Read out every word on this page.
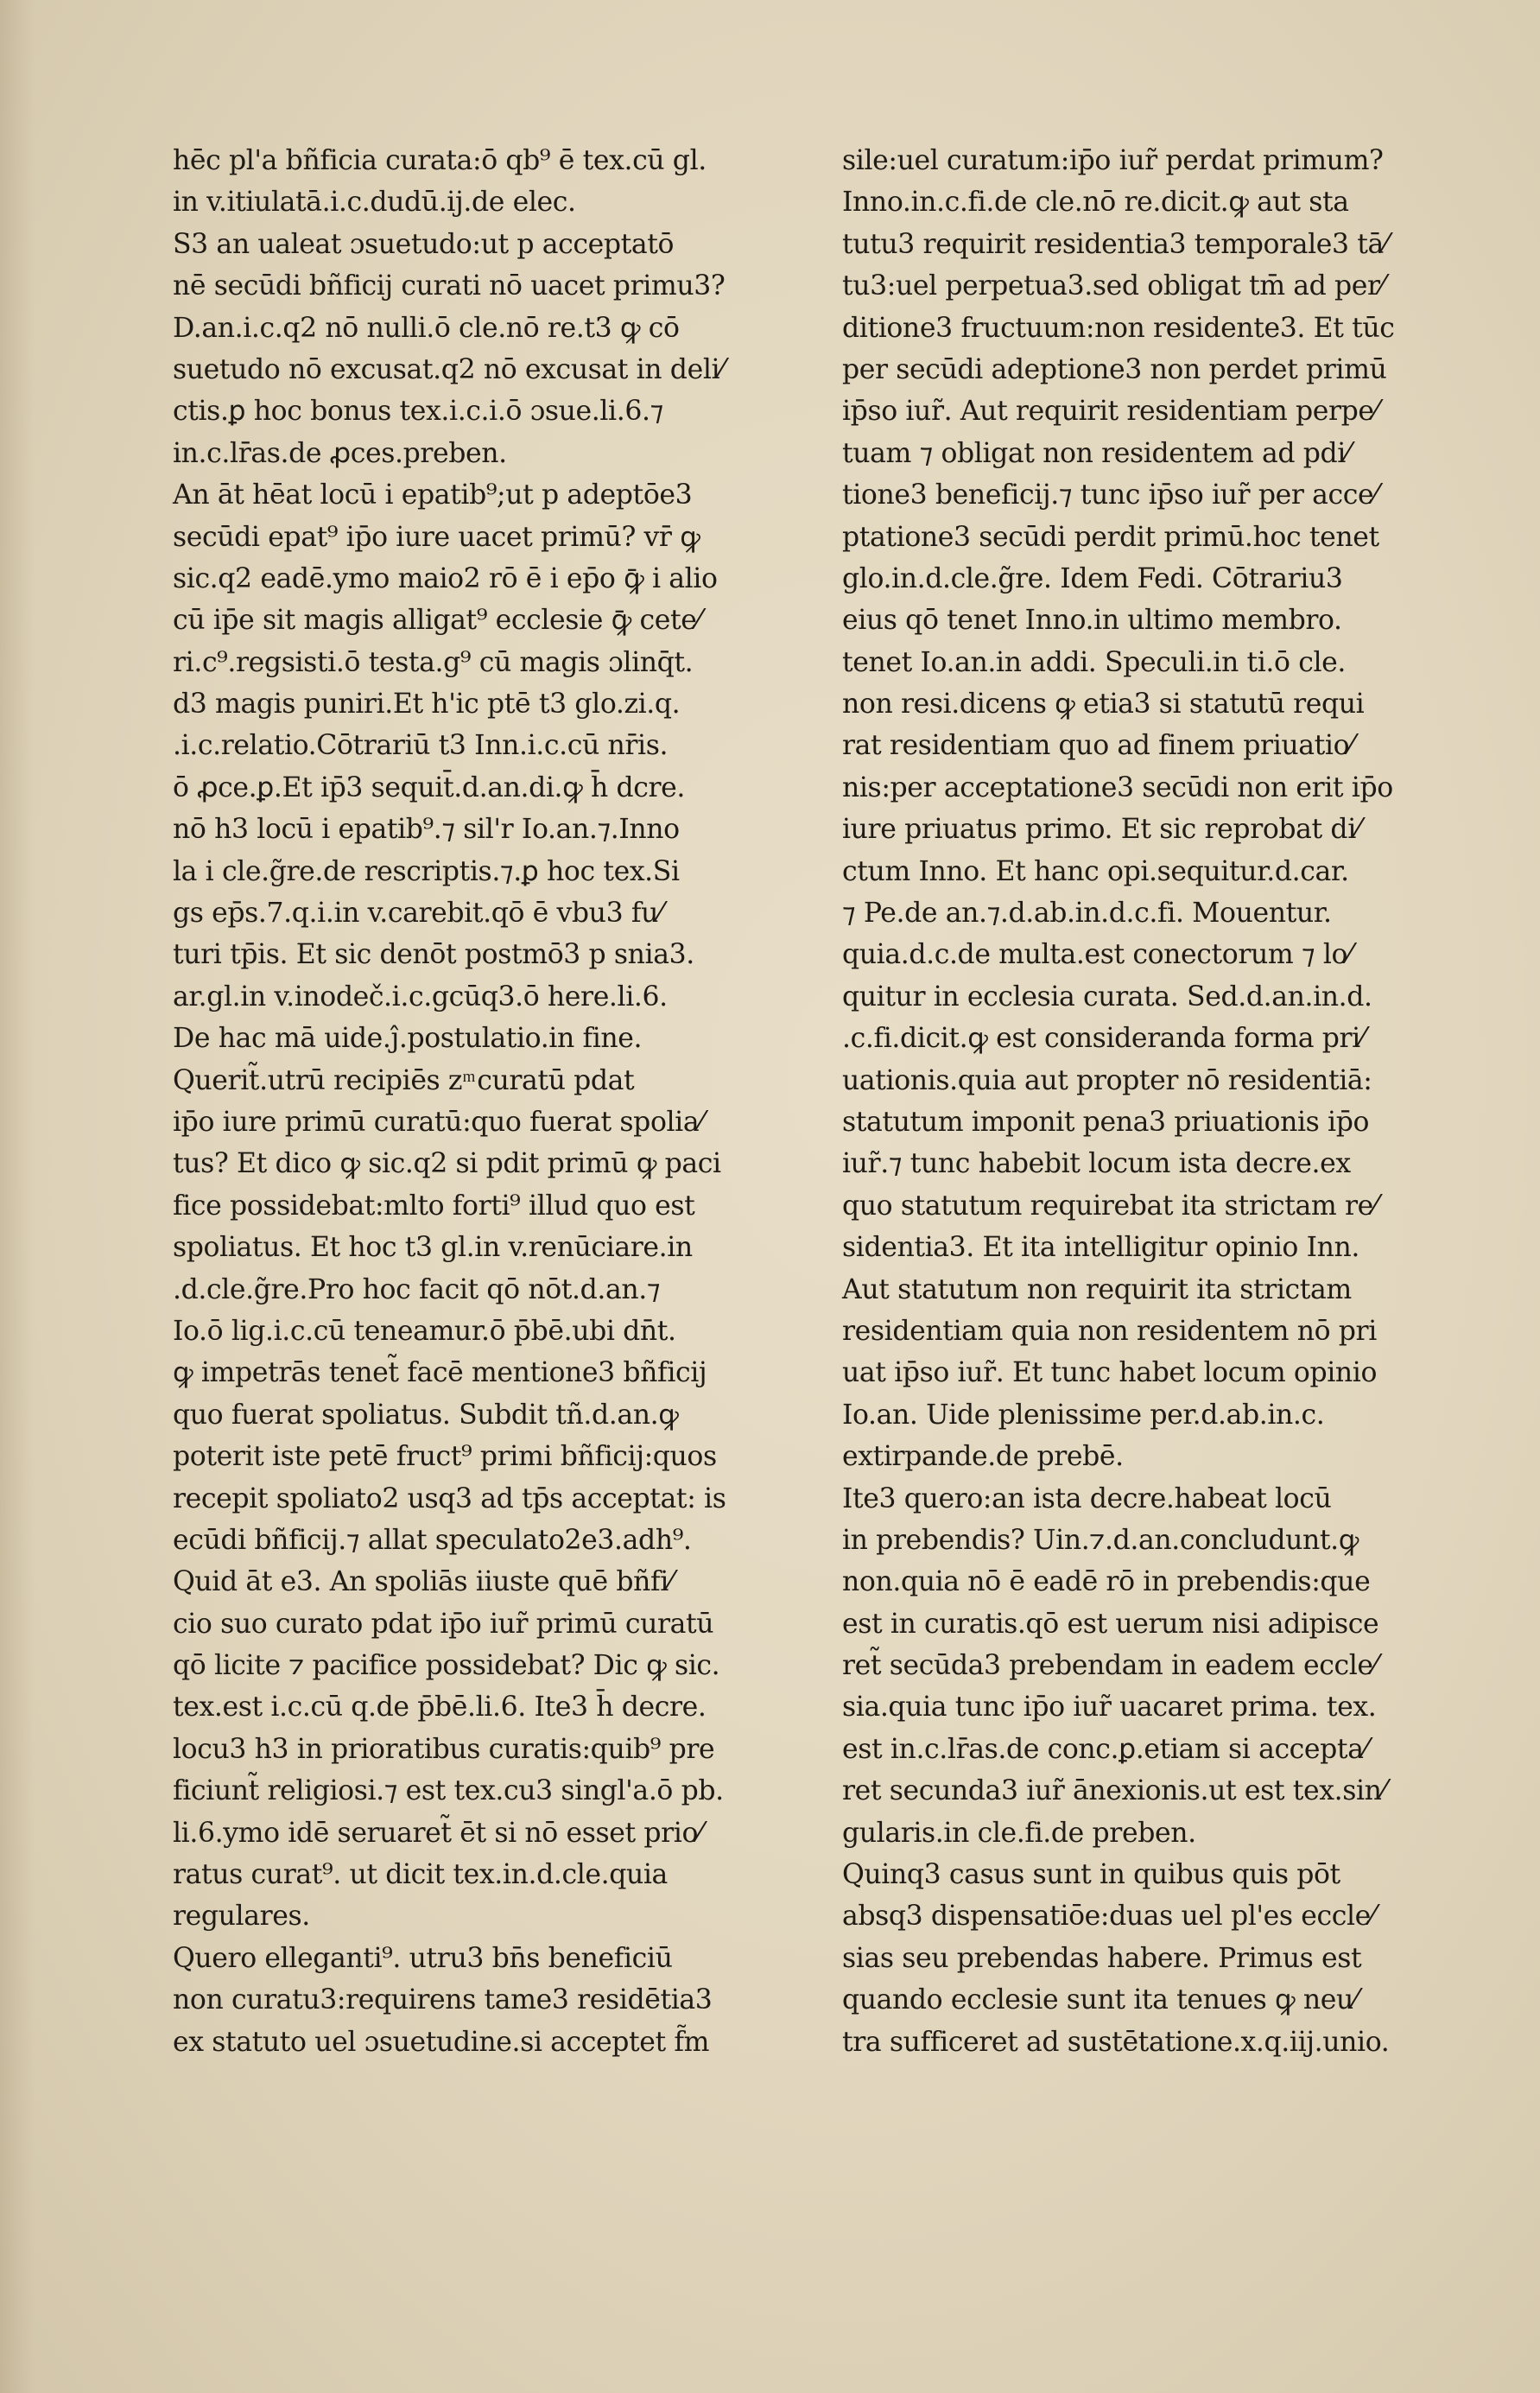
hēc pl'a bñficia curata:ō qb⁹ ē tex.cū gl.
in v.itiulatā.i.c.dudū.ij.de elec.
S3 an ualeat ɔsuetudo:ut p acceptatō
nē secūdi bñficij curati nō uacet primu3?
D.an.i.c.q2 nō nulli.ō cle.nō re.t3 ꝙ cō
suetudo nō excusat.q2 nō excusat in deli⁄
ctis.ꝑ hoc bonus tex.i.c.i.ō ɔsue.li.6.⁊
in.c.lr̄as.de ꝓces.preben.
An āt hēat locū i epatib⁹;ut p adeptōe3
secūdi epat⁹ ip̄o iure uacet primū? vr̄ ꝙ
sic.q2 eadē.ymo maio2 rō ē i ep̄o ꝙ̄ i alio
cū ip̄e sit magis alligat⁹ ecclesie ꝙ̄ cete⁄
ri.c⁹.regsisti.ō testa.g⁹ cū magis ɔlinq̄t.
d3 magis puniri.Et h'ic ptē t3 glo.zi.q.
.i.c.relatio.Cōtrariū t3 Inn.i.c.cū nr̄is.
ō ꝓce.ꝑ.Et ip̄3 sequit̄.d.an.di.ꝙ h̄ dcre.
nō h3 locū i epatib⁹.⁊ sil'r Io.an.⁊.Inno
la i cle.g̃re.de rescriptis.⁊.ꝑ hoc tex.Si
gs ep̄s.7.q.i.in v.carebit.qō ē vbu3 fu⁄
turi tp̄is. Et sic denōt postmō3 p snia3.
ar.gl.in v.inodeč.i.c.gcūq3.ō here.li.6.
De hac mā uide.ĵ.postulatio.in fine.
Querit̃.utrū recipiēs z ͫ curatū pdat
ip̄o iure primū curatū:quo fuerat spolia⁄
tus? Et dico ꝙ sic.q2 si pdit primū ꝙ paci
fice possidebat:mlto forti⁹ illud quo est
spoliatus. Et hoc t3 gl.in v.renūciare.in
.d.cle.g̃re.Pro hoc facit qō nōt.d.an.⁊
Io.ō lig.i.c.cū teneamur.ō p̄bē.ubi dn̄t.
ꝙ impetrās tenet̃ facē mentione3 bñficij
quo fuerat spoliatus. Subdit tñ.d.an.ꝙ
poterit iste petē fruct⁹ primi bñficij:quos
recepit spoliato2 usq3 ad tp̄s acceptat: is
ecūdi bñficij.⁊ allat speculato2e3.adh⁹.
Quid āt e3. An spoliās iiuste quē bñfi⁄
cio suo curato pdat ip̄o iur̃ primū curatū
qō licite ⁊ pacifice possidebat? Dic ꝙ sic.
tex.est i.c.cū q.de p̄bē.li.6. Ite3 h̄ decre.
locu3 h3 in prioratibus curatis:quib⁹ pre
ficiunt̃ religiosi.⁊ est tex.cu3 singl'a.ō pb.
li.6.ymo idē seruaret̃ ēt si nō esset prio⁄
ratus curat⁹. ut dicit tex.in.d.cle.quia
regulares.
Quero elleganti⁹. utru3 bn̄s beneficiū
non curatu3:requirens tame3 residētia3
ex statuto uel ɔsuetudine.si acceptet f̃m
sile:uel curatum:ip̄o iur̃ perdat primum?
Inno.in.c.fi.de cle.nō re.dicit.ꝙ aut sta
tutu3 requirit residentia3 temporale3 tā⁄
tu3:uel perpetua3.sed obligat tm̄ ad per⁄
ditione3 fructuum:non residente3. Et tūc
per secūdi adeptione3 non perdet primū
ip̄so iur̃. Aut requirit residentiam perpe⁄
tuam ⁊ obligat non residentem ad pdi⁄
tione3 beneficij.⁊ tunc ip̄so iur̃ per acce⁄
ptatione3 secūdi perdit primū.hoc tenet
glo.in.d.cle.g̃re. Idem Fedi. Cōtrariu3
eius qō tenet Inno.in ultimo membro.
tenet Io.an.in addi. Speculi.in ti.ō cle.
non resi.dicens ꝙ etia3 si statutū requi
rat residentiam quo ad finem priuatio⁄
nis:per acceptatione3 secūdi non erit ip̄o
iure priuatus primo. Et sic reprobat di⁄
ctum Inno. Et hanc opi.sequitur.d.car.
⁊ Pe.de an.⁊.d.ab.in.d.c.fi. Mouentur.
quia.d.c.de multa.est conectorum ⁊ lo⁄
quitur in ecclesia curata. Sed.d.an.in.d.
.c.fi.dicit.ꝙ est consideranda forma pri⁄
uationis.quia aut propter nō residentiā:
statutum imponit pena3 priuationis ip̄o
iur̃.⁊ tunc habebit locum ista decre.ex
quo statutum requirebat ita strictam re⁄
sidentia3. Et ita intelligitur opinio Inn.
Aut statutum non requirit ita strictam
residentiam quia non residentem nō pri
uat ip̄so iur̃. Et tunc habet locum opinio
Io.an. Uide plenissime per.d.ab.in.c.
extirpande.de prebē.
Ite3 quero:an ista decre.habeat locū
in prebendis? Uin.⁊.d.an.concludunt.ꝙ
non.quia nō ē eadē rō in prebendis:que
est in curatis.qō est uerum nisi adipisce
ret̃ secūda3 prebendam in eadem eccle⁄
sia.quia tunc ip̄o iur̃ uacaret prima. tex.
est in.c.lr̄as.de conc.ꝑ.etiam si accepta⁄
ret secunda3 iur̃ ānexionis.ut est tex.sin⁄
gularis.in cle.fi.de preben.
Quinq3 casus sunt in quibus quis pōt
absq3 dispensatiōe:duas uel pl'es eccle⁄
sias seu prebendas habere. Primus est
quando ecclesie sunt ita tenues ꝙ neu⁄
tra sufficeret ad sustētatione.x.q.iij.unio.
